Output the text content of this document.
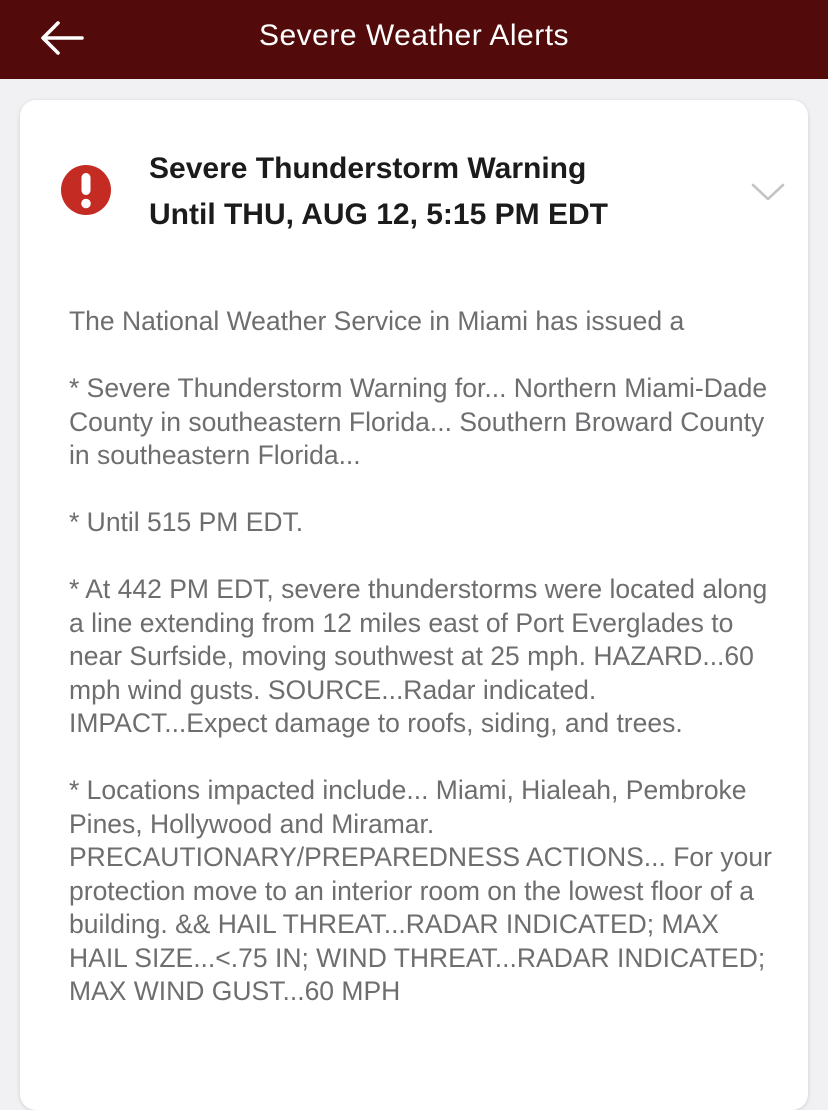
Severe Weather Alerts
Severe Thunderstorm Warning
Until THU, AUG 12, 5:15 PM EDT

The National Weather Service in Miami has issued a

* Severe Thunderstorm Warning for... Northern Miami-Dade County in southeastern Florida... Southern Broward County in southeastern Florida...

* Until 515 PM EDT.

* At 442 PM EDT, severe thunderstorms were located along a line extending from 12 miles east of Port Everglades to near Surfside, moving southwest at 25 mph. HAZARD...60 mph wind gusts. SOURCE...Radar indicated. IMPACT...Expect damage to roofs, siding, and trees.

* Locations impacted include... Miami, Hialeah, Pembroke Pines, Hollywood and Miramar. PRECAUTIONARY/PREPAREDNESS ACTIONS... For your protection move to an interior room on the lowest floor of a building. && HAIL THREAT...RADAR INDICATED; MAX HAIL SIZE...<.75 IN; WIND THREAT...RADAR INDICATED; MAX WIND GUST...60 MPH
